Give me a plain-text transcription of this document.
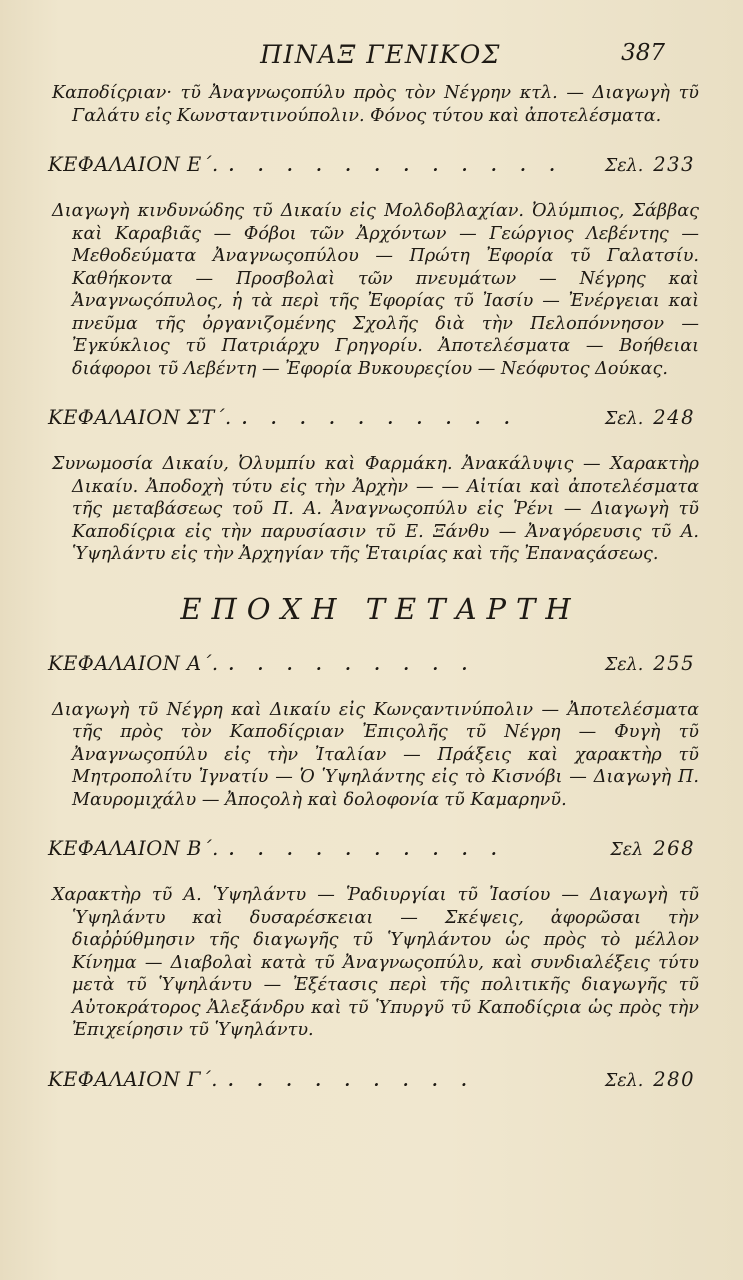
ΠΙΝΑΞ ΓΕΝΙΚΟΣ	387

Καποδίςριαν· τῦ Ἀναγνωςοπύλυ πρὸς τὸν Νέγρην κτλ. — Διαγωγὴ τῦ Γαλάτυ εἰς Κωνσταντινούπολιν. Φόνος τύτου καὶ ἀποτελέσματα.

ΚΕΦΑΛΑΙΟΝ Ε΄. . . . . . . . . . . . .	Σελ. 233

Διαγωγὴ κινδυνώδης τῦ Δικαίυ εἰς Μολδοβλαχίαν. Ὀλύμπιος, Σάββας καὶ Καραβιᾶς — Φόβοι τῶν Ἀρχόντων — Γεώργιος Λεβέντης — Μεθοδεύματα Ἀναγνωςοπύλου — Πρώτη Ἐφορία τῦ Γαλατσίυ. Καθήκοντα — Προσβολαὶ τῶν πνευμάτων — Νέγρης καὶ Ἀναγνωςόπυλος, ἡ τὰ περὶ τῆς Ἐφορίας τῦ Ἰασίυ — Ἐνέργειαι καὶ πνεῦμα τῆς ὀργανιζομένης Σχολῆς διὰ τὴν Πελοπόννησον — Ἐγκύκλιος τῦ Πατριάρχυ Γρηγορίυ. Ἀποτελέσματα — Βοήθειαι διάφοροι τῦ Λεβέντη — Ἐφορία Βυκουρεςίου — Νεόφυτος Δούκας.

ΚΕΦΑΛΑΙΟΝ ΣΤ΄. . . . . . . . . . .	Σελ. 248

Συνωμοσία Δικαίυ, Ὀλυμπίυ καὶ Φαρμάκη. Ἀνακάλυψις — Χαρακτὴρ Δικαίυ. Ἀποδοχὴ τύτυ εἰς τὴν Ἀρχὴν — — Αἰτίαι καὶ ἀποτελέσματα τῆς μεταβάσεως τοῦ Π. Α. Ἀναγνωςοπύλυ εἰς Ῥένι — Διαγωγὴ τῦ Καποδίςρια εἰς τὴν παρυσίασιν τῦ Ε. Ξάνθυ — Ἀναγόρευσις τῦ Α. Ὑψηλάντυ εἰς τὴν Ἀρχηγίαν τῆς Ἑταιρίας καὶ τῆς Ἐπαναςάσεως.

ΕΠΟΧΗ ΤΕΤΑΡΤΗ
ΚΕΦΑΛΑΙΟΝ Α΄. . . . . . . . . .	Σελ. 255

Διαγωγὴ τῦ Νέγρη καὶ Δικαίυ εἰς Κωνςαντινύπολιν — Ἀποτελέσματα τῆς πρὸς τὸν Καποδίςριαν Ἐπιςολῆς τῦ Νέγρη — Φυγὴ τῦ Ἀναγνωςοπύλυ εἰς τὴν Ἰταλίαν — Πράξεις καὶ χαρακτὴρ τῦ Μητροπολίτυ Ἰγνατίυ — Ὁ Ὑψηλάντης εἰς τὸ Κισνόβι — Διαγωγὴ Π. Μαυρομιχάλυ — Ἀποςολὴ καὶ δολοφονία τῦ Καμαρηνῦ.

ΚΕΦΑΛΑΙΟΝ Β΄. . . . . . . . . . .	Σελ 268

Χαρακτὴρ τῦ Α. Ὑψηλάντυ — Ῥαδιυργίαι τῦ Ἰασίου — Διαγωγὴ τῦ Ὑψηλάντυ καὶ δυσαρέσκειαι — Σκέψεις, ἀφορῶσαι τὴν διαῤῥύθμησιν τῆς διαγωγῆς τῦ Ὑψηλάντου ὡς πρὸς τὸ μέλλον Κίνημα — Διαβολαὶ κατὰ τῦ Ἀναγνωςοπύλυ, καὶ συνδιαλέξεις τύτυ μετὰ τῦ Ὑψηλάντυ — Ἐξέτασις περὶ τῆς πολιτικῆς διαγωγῆς τῦ Αὐτοκράτορος Ἀλεξάνδρυ καὶ τῦ Ὑπυργῦ τῦ Καποδίςρια ὡς πρὸς τὴν Ἐπιχείρησιν τῦ Ὑψηλάντυ.

ΚΕΦΑΛΑΙΟΝ Γ΄. . . . . . . . . .	Σελ. 280
